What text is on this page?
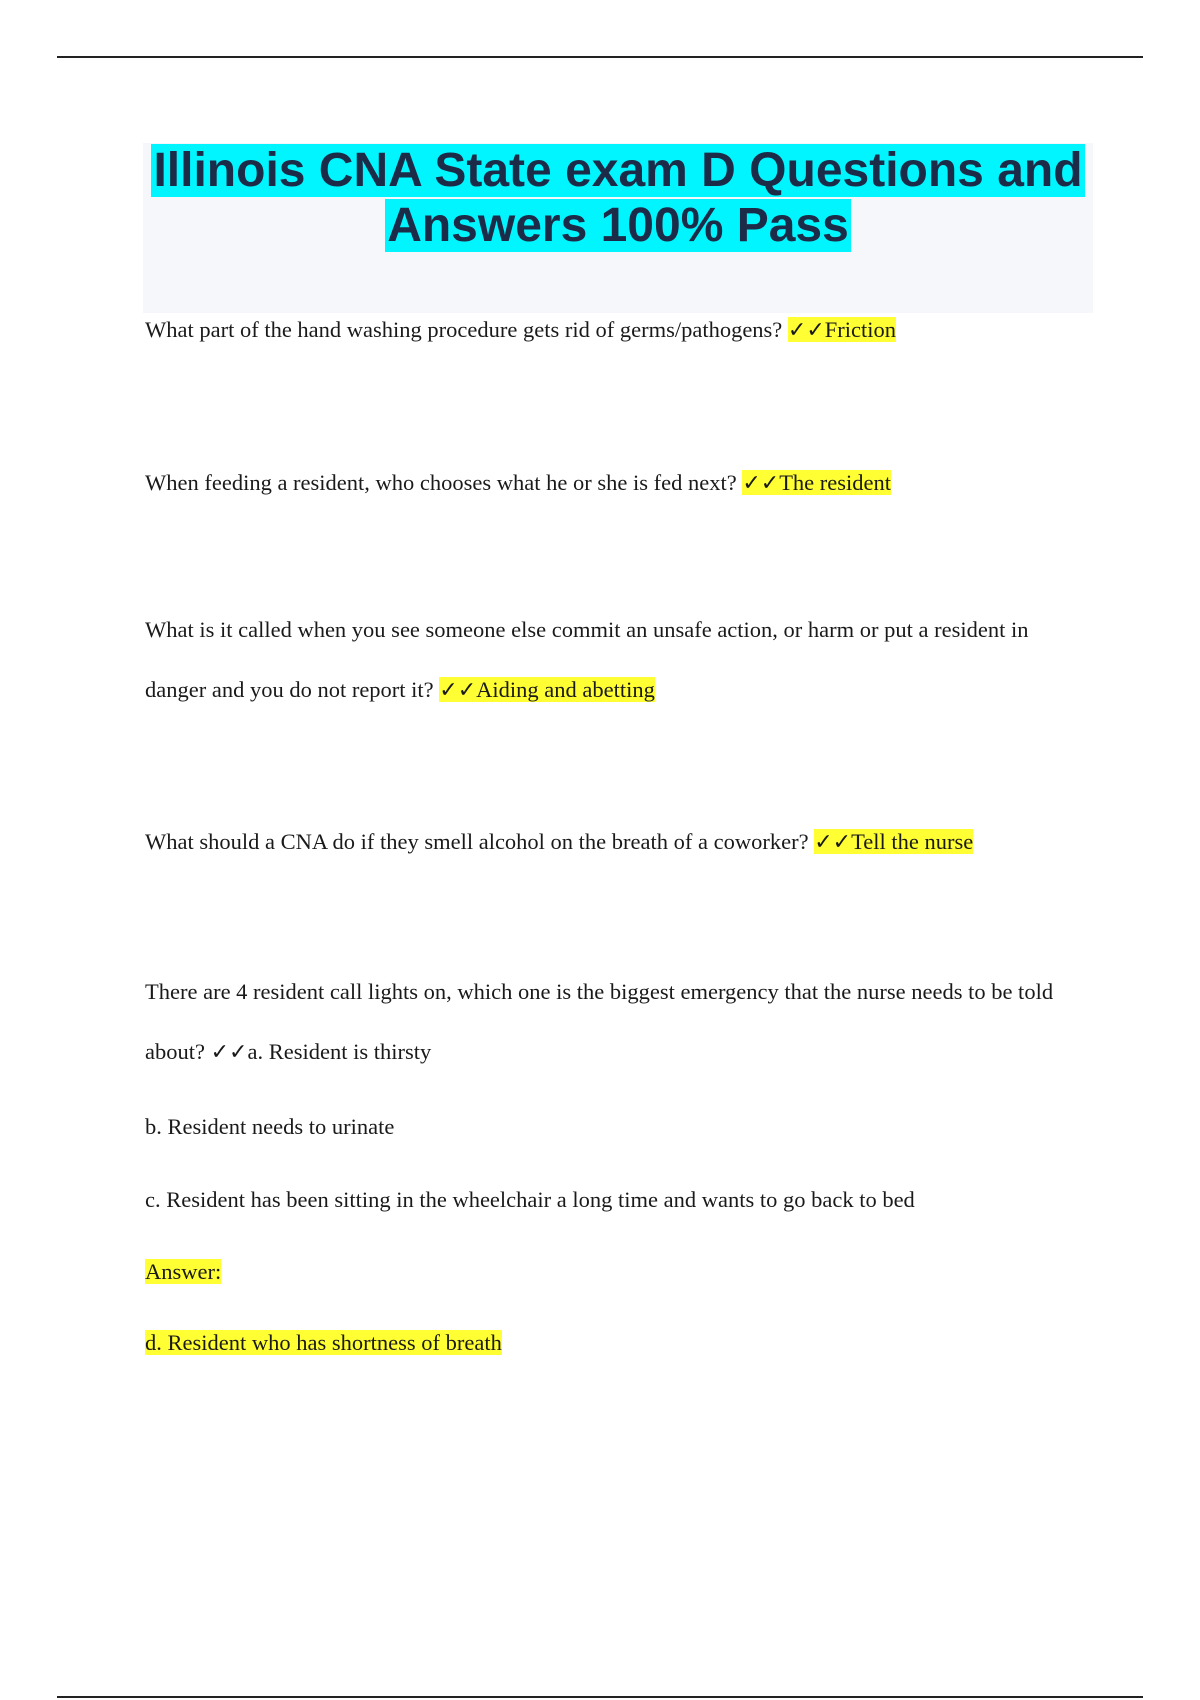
Illinois CNA State exam D Questions and
Answers 100% Pass

What part of the hand washing procedure gets rid of germs/pathogens? ✓✓Friction

When feeding a resident, who chooses what he or she is fed next? ✓✓The resident

What is it called when you see someone else commit an unsafe action, or harm or put a resident in danger and you do not report it? ✓✓Aiding and abetting

What should a CNA do if they smell alcohol on the breath of a coworker? ✓✓Tell the nurse

There are 4 resident call lights on, which one is the biggest emergency that the nurse needs to be told about? ✓✓a. Resident is thirsty

b. Resident needs to urinate

c. Resident has been sitting in the wheelchair a long time and wants to go back to bed

Answer:

d. Resident who has shortness of breath
